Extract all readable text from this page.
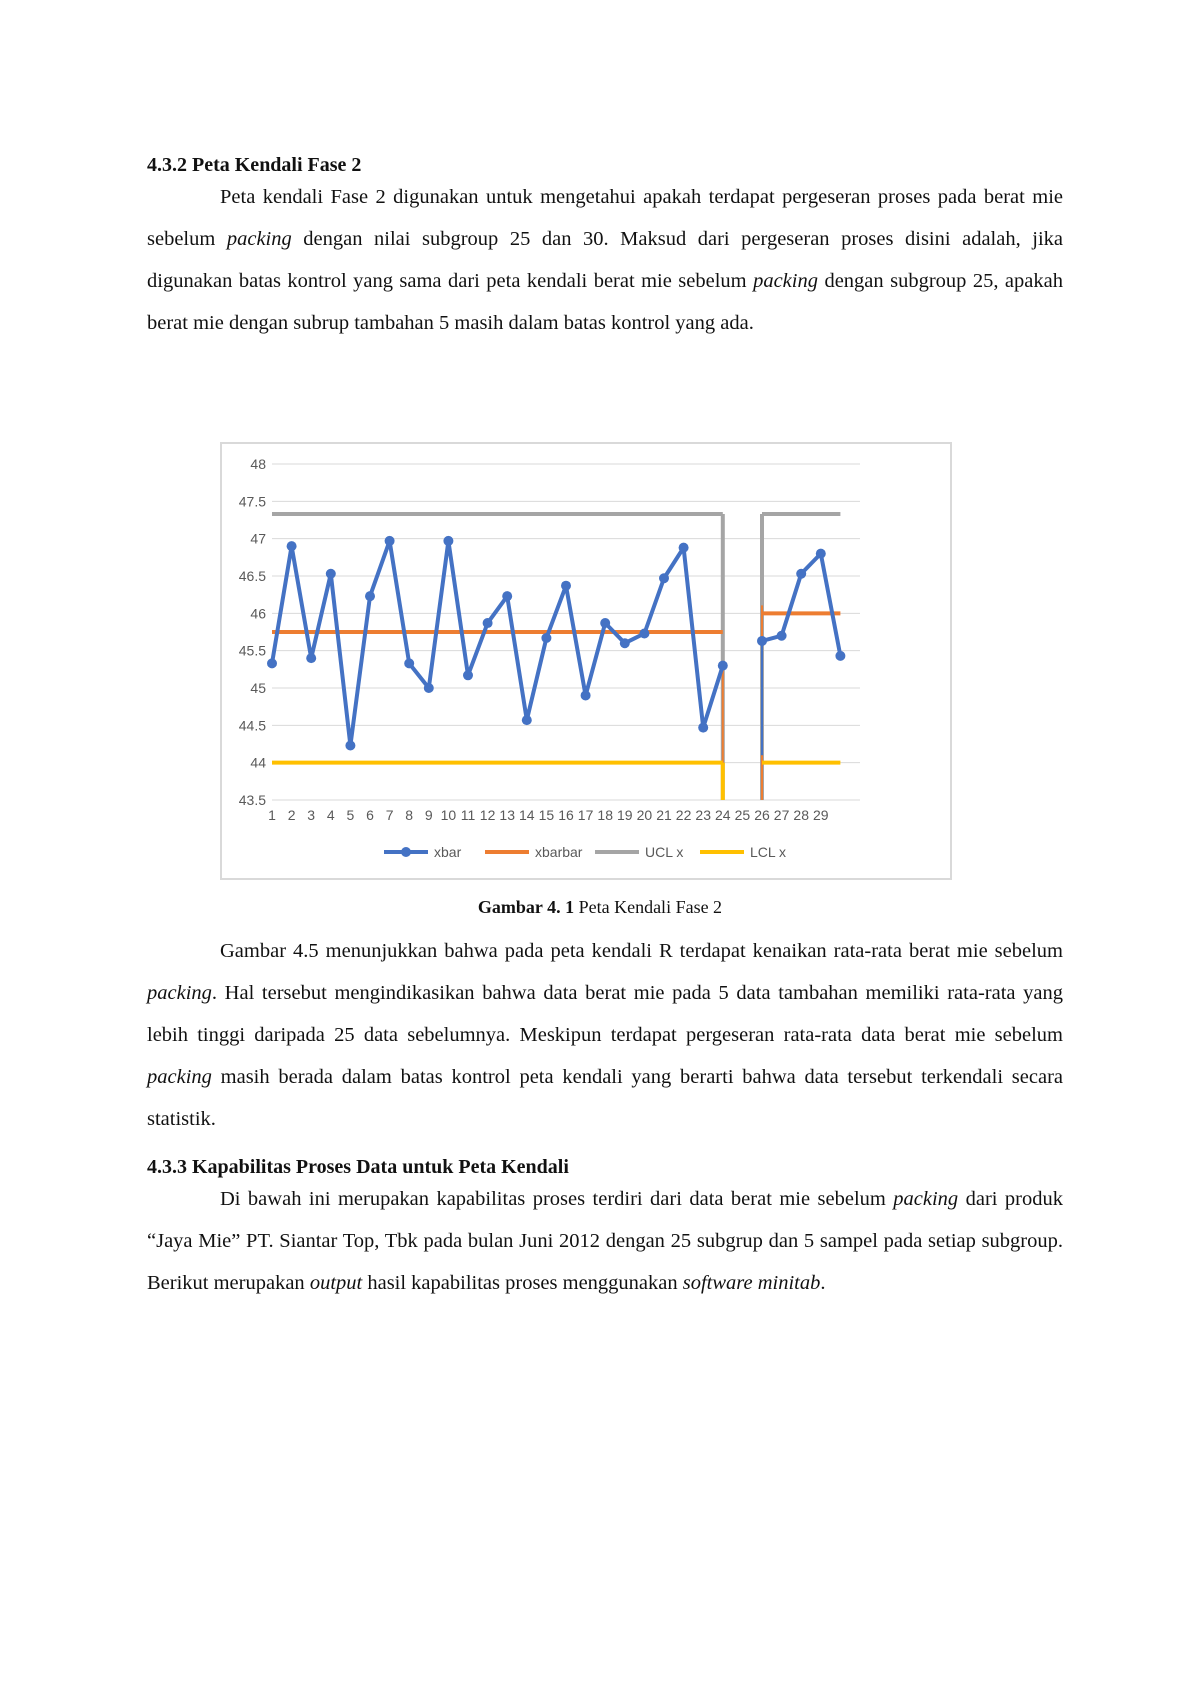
4.3.2 Peta Kendali Fase 2

Peta kendali Fase 2 digunakan untuk mengetahui apakah terdapat pergeseran proses pada berat mie sebelum packing dengan nilai subgroup 25 dan 30. Maksud dari pergeseran proses disini adalah, jika digunakan batas kontrol yang sama dari peta kendali berat mie sebelum packing dengan subgroup 25, apakah berat mie dengan subrup tambahan 5 masih dalam batas kontrol yang ada.

48
47.5
47
46.5
46
45.5
45
44.5
44
43.5
1 2 3 4 5 6 7 8 9 10 11 12 13 14 15 16 17 18 19 20 21 22 23 24 25 26 27 28 29
xbar	xbarbar	UCL x	LCL x
Gambar 4. 1 Peta Kendali Fase 2

Gambar 4.5 menunjukkan bahwa pada peta kendali R terdapat kenaikan rata-rata berat mie sebelum packing. Hal tersebut mengindikasikan bahwa data berat mie pada 5 data tambahan memiliki rata-rata yang lebih tinggi daripada 25 data sebelumnya. Meskipun terdapat pergeseran rata-rata data berat mie sebelum packing masih berada dalam batas kontrol peta kendali yang berarti bahwa data tersebut terkendali secara statistik.

4.3.3 Kapabilitas Proses Data untuk Peta Kendali

Di bawah ini merupakan kapabilitas proses terdiri dari data berat mie sebelum packing dari produk “Jaya Mie” PT. Siantar Top, Tbk pada bulan Juni 2012 dengan 25 subgrup dan 5 sampel pada setiap subgroup. Berikut merupakan output hasil kapabilitas proses menggunakan software minitab.
